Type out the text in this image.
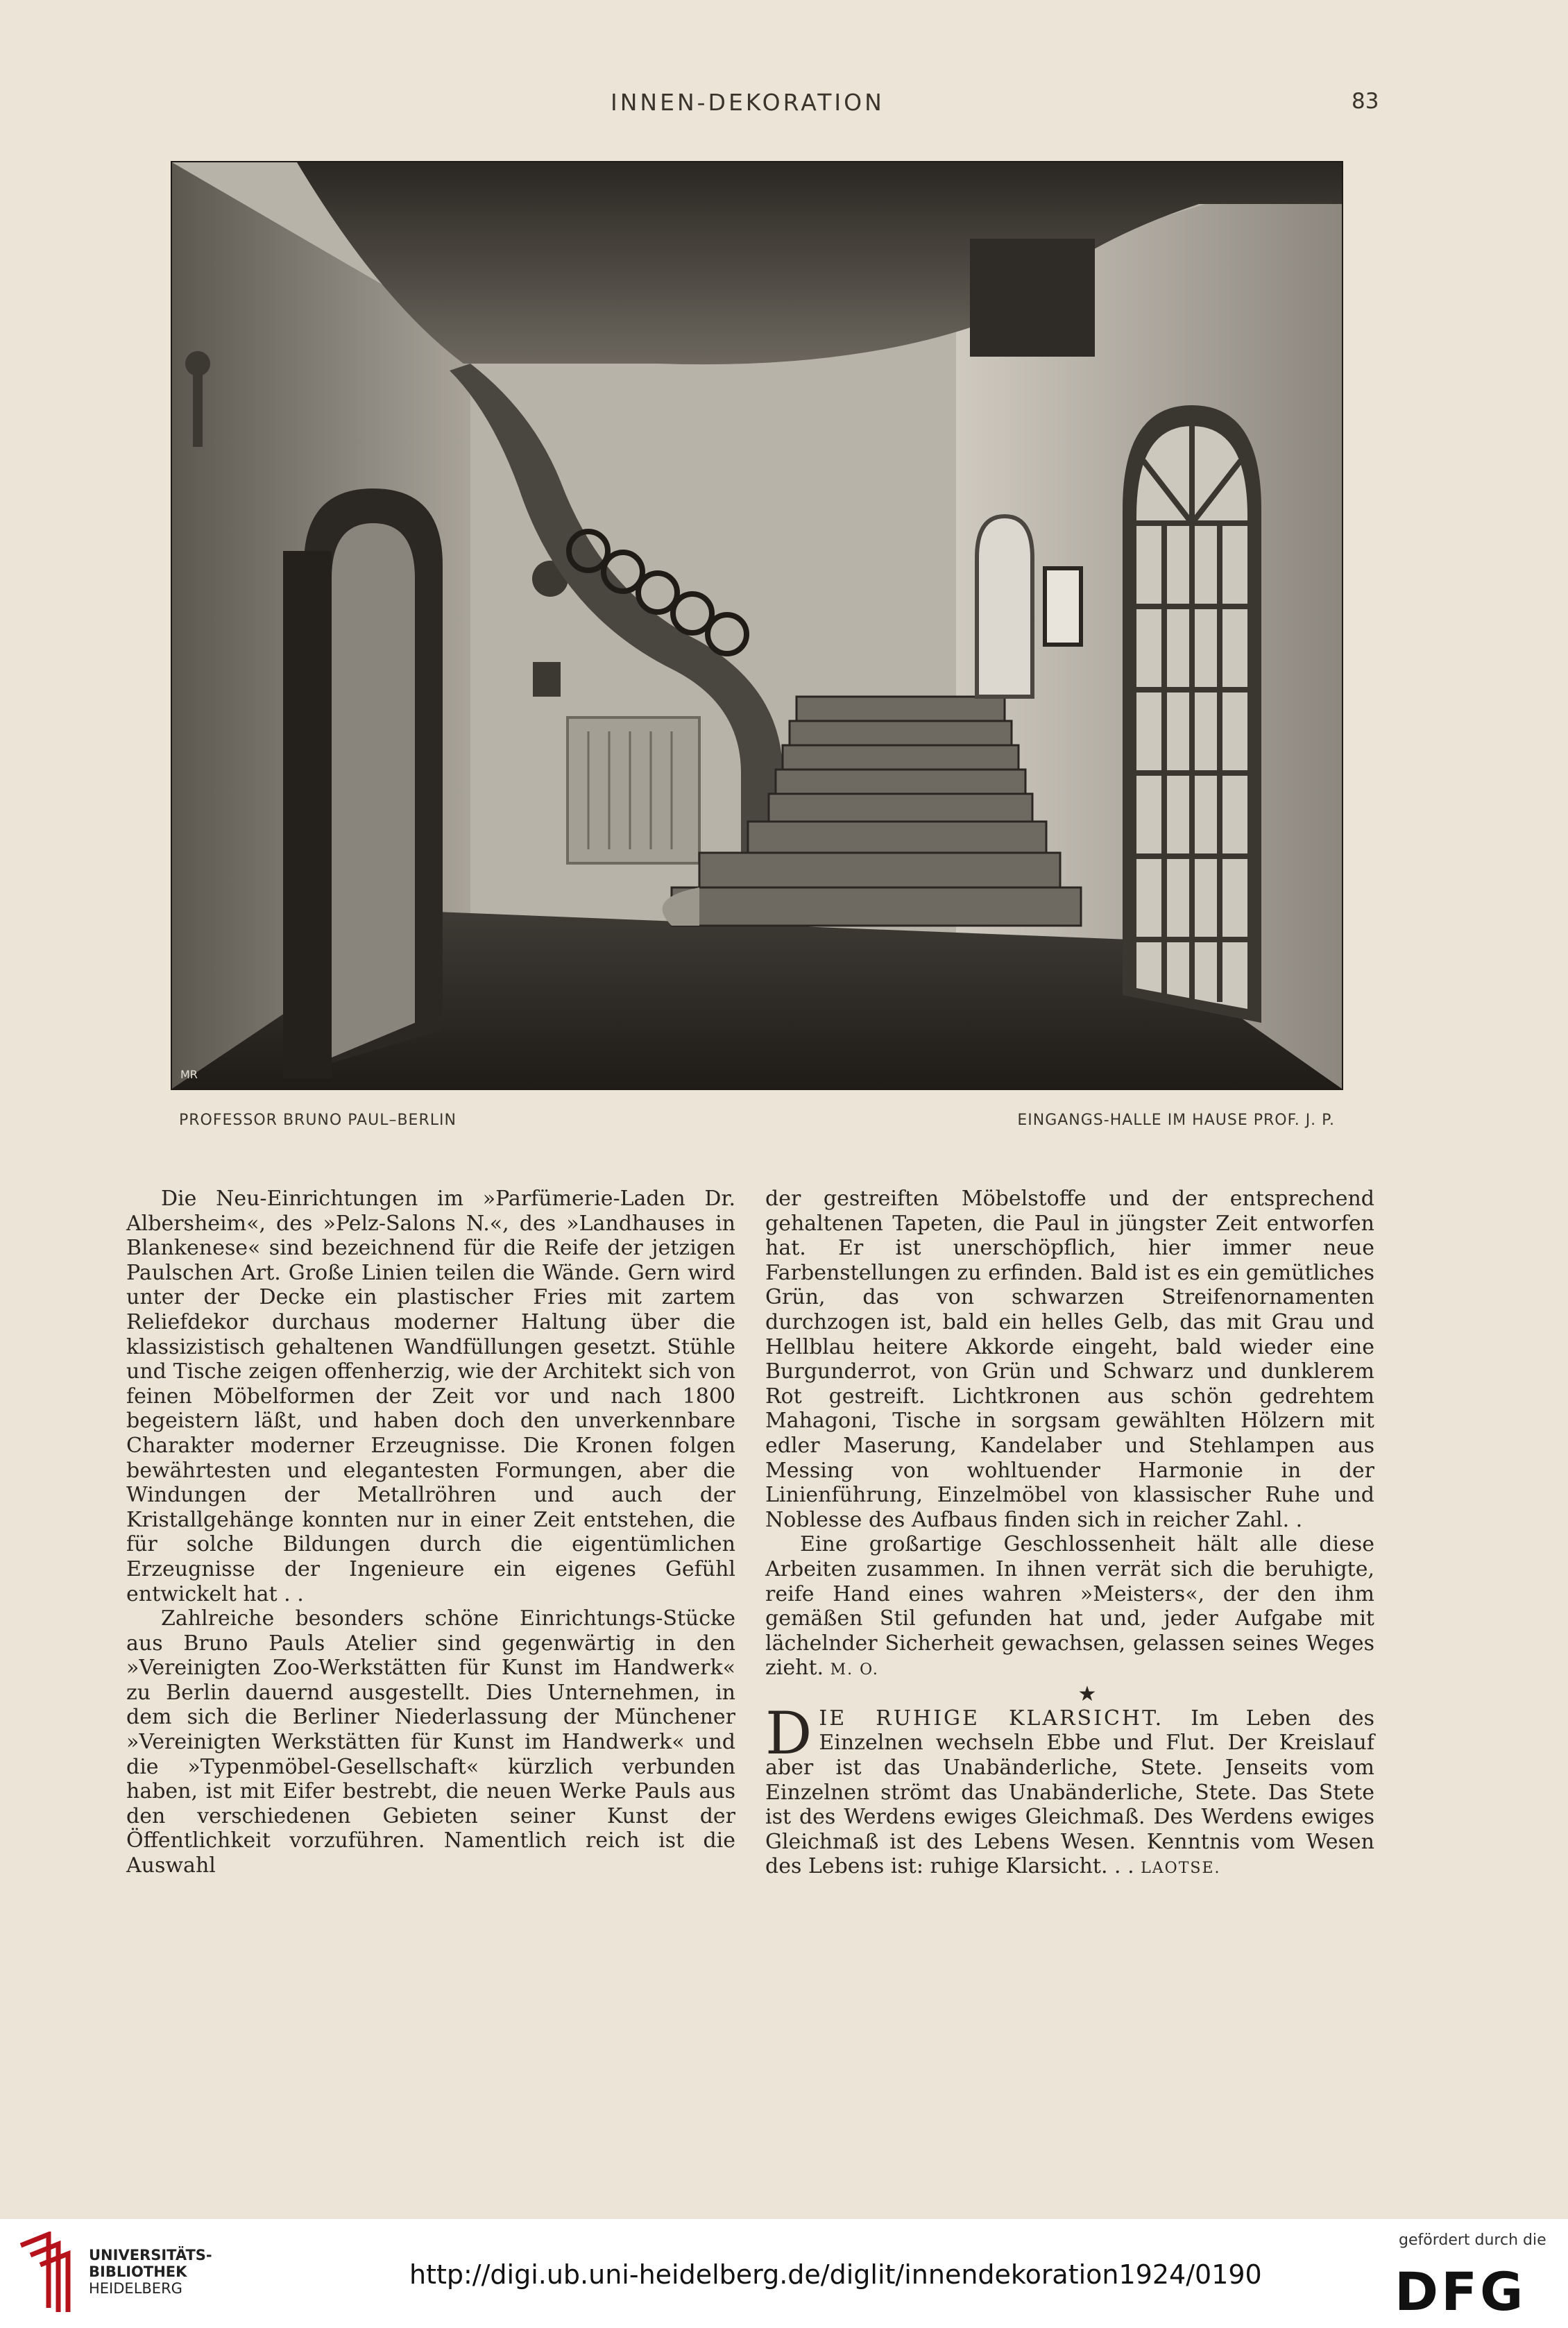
INNEN-DEKORATION	83
MR
PROFESSOR BRUNO PAUL–BERLIN	EINGANGS-HALLE IM HAUSE PROF. J. P.

Die Neu-Einrichtungen im »Parfümerie-Laden Dr. Albersheim«, des »Pelz-Salons N.«, des »Landhauses in Blankenese« sind bezeichnend für die Reife der jetzigen Paulschen Art. Große Linien teilen die Wände. Gern wird unter der Decke ein plastischer Fries mit zartem Reliefdekor durchaus moderner Haltung über die klassizistisch gehaltenen Wandfüllungen gesetzt. Stühle und Tische zeigen offenherzig, wie der Architekt sich von feinen Möbelformen der Zeit vor und nach 1800 begeistern läßt, und haben doch den unverkennbare Charakter moderner Erzeugnisse. Die Kronen folgen bewährtesten und elegantesten Formungen, aber die Windungen der Metallröhren und auch der Kristallgehänge konnten nur in einer Zeit entstehen, die für solche Bildungen durch die eigentümlichen Erzeugnisse der Ingenieure ein eigenes Gefühl entwickelt hat . .

Zahlreiche besonders schöne Einrichtungs-Stücke aus Bruno Pauls Atelier sind gegenwärtig in den »Vereinigten Zoo-Werkstätten für Kunst im Handwerk« zu Berlin dauernd ausgestellt. Dies Unternehmen, in dem sich die Berliner Niederlassung der Münchener »Vereinigten Werkstätten für Kunst im Handwerk« und die »Typenmöbel-Gesellschaft« kürzlich verbunden haben, ist mit Eifer bestrebt, die neuen Werke Pauls aus den verschiedenen Gebieten seiner Kunst der Öffentlichkeit vorzuführen. Namentlich reich ist die Auswahl

der gestreiften Möbelstoffe und der entsprechend gehaltenen Tapeten, die Paul in jüngster Zeit entworfen hat. Er ist unerschöpflich, hier immer neue Farbenstellungen zu erfinden. Bald ist es ein gemütliches Grün, das von schwarzen Streifenornamenten durchzogen ist, bald ein helles Gelb, das mit Grau und Hellblau heitere Akkorde eingeht, bald wieder eine Burgunderrot, von Grün und Schwarz und dunklerem Rot gestreift. Lichtkronen aus schön gedrehtem Mahagoni, Tische in sorgsam gewählten Hölzern mit edler Maserung, Kandelaber und Stehlampen aus Messing von wohltuender Harmonie in der Linienführung, Einzelmöbel von klassischer Ruhe und Noblesse des Aufbaus finden sich in reicher Zahl. .

Eine großartige Geschlossenheit hält alle diese Arbeiten zusammen. In ihnen verrät sich die beruhigte, reife Hand eines wahren »Meisters«, der den ihm gemäßen Stil gefunden hat und, jeder Aufgabe mit lächelnder Sicherheit gewachsen, gelassen seines Weges zieht. M. O.

★

DIE RUHIGE KLARSICHT. Im Leben des Einzelnen wechseln Ebbe und Flut. Der Kreislauf aber ist das Unabänderliche, Stete. Jenseits vom Einzelnen strömt das Unabänderliche, Stete. Das Stete ist des Werdens ewiges Gleichmaß. Des Werdens ewiges Gleichmaß ist des Lebens Wesen. Kenntnis vom Wesen des Lebens ist: ruhige Klarsicht. . . LAOTSE.

UNIVERSITÄTS-
BIBLIOTHEK
HEIDELBERG	http://digi.ub.uni-heidelberg.de/diglit/innendekoration1924/0190
gefördert durch die
DFG
